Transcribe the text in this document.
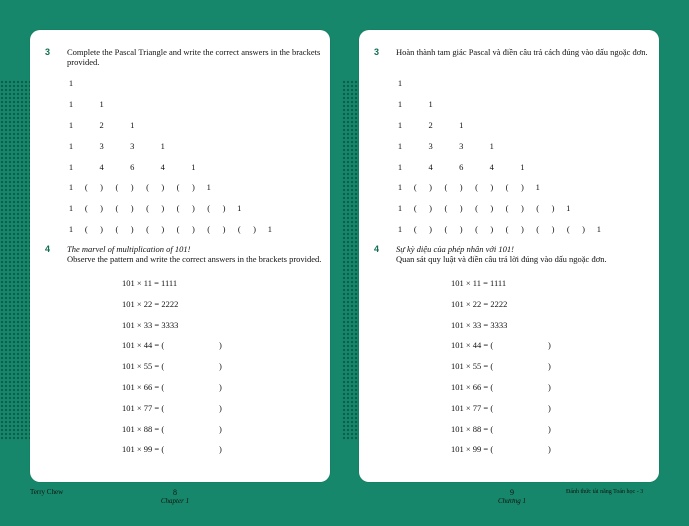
3 Complete the Pascal Triangle and write the correct answers in the brackets provided.
1
1	1
1	2	1
1	3	3	1
1	4	6	4	1
1	(	)	(	)	(	)	(	)	1
1	(	)	(	)	(	)	(	)	(	)	1
1	(	)	(	)	(	)	(	)	(	)	(	)	1
4 The marvel of multiplication of 101!
Observe the pattern and write the correct answers in the brackets provided.
101 × 11 = 1111
101 × 22 = 2222
101 × 33 = 3333
101 × 44 = (	)
101 × 55 = (	)
101 × 66 = (	)
101 × 77 = (	)
101 × 88 = (	)
101 × 99 = (	)
3 Hoàn thành tam giác Pascal và điền câu trả cách đúng vào dấu ngoặc đơn.
1
1	1
1	2	1
1	3	3	1
1	4	6	4	1
1	(	)	(	)	(	)	(	)	1
1	(	)	(	)	(	)	(	)	(	)	1
1	(	)	(	)	(	)	(	)	(	)	(	)	1
4 Sự kỳ diệu của phép nhân với 101!
Quan sát quy luật và điền câu trả lời đúng vào dấu ngoặc đơn.
101 × 11 = 1111
101 × 22 = 2222
101 × 33 = 3333
101 × 44 = (	)
101 × 55 = (	)
101 × 66 = (	)
101 × 77 = (	)
101 × 88 = (	)
101 × 99 = (	)
Terry Chew	8
Chapter 1
9
Chương 1
Đánh thức tài năng Toán học - 3
